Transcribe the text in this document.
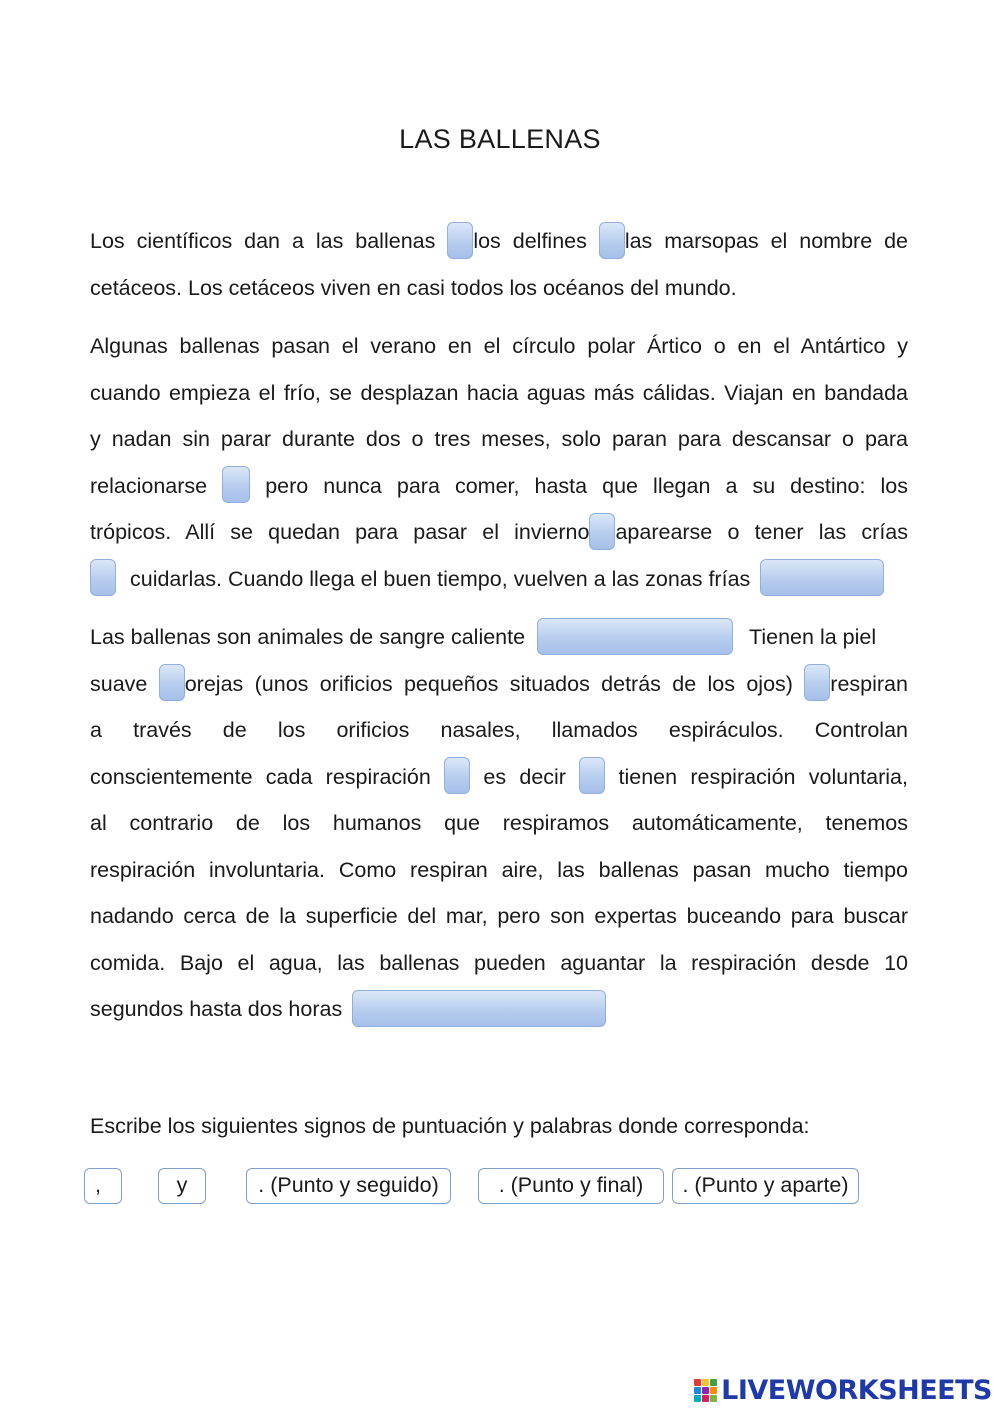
LAS BALLENAS
Los científicos dan a las ballenas los delfines las marsopas el nombre de
cetáceos. Los cetáceos viven en casi todos los océanos del mundo.
Algunas ballenas pasan el verano en el círculo polar Ártico o en el Antártico y
cuando empieza el frío, se desplazan hacia aguas más cálidas. Viajan en bandada
y nadan sin parar durante dos o tres meses, solo paran para descansar o para
relacionarse	pero nunca para comer, hasta que llegan a su destino: los
trópicos. Allí se quedan para pasar el invierno aparearse o tener las crías
cuidarlas. Cuando llega el buen tiempo, vuelven a las zonas frías
Las ballenas son animales de sangre caliente	Tienen la piel
suave orejas (unos orificios pequeños situados detrás de los ojos) respiran
a través de los orificios nasales, llamados espiráculos. Controlan
conscientemente cada respiración es decir tienen respiración voluntaria,
al contrario de los humanos que respiramos automáticamente, tenemos
respiración involuntaria. Como respiran aire, las ballenas pasan mucho tiempo
nadando cerca de la superficie del mar, pero son expertas buceando para buscar
comida. Bajo el agua, las ballenas pueden aguantar la respiración desde 10
segundos hasta dos horas
Escribe los siguientes signos de puntuación y palabras donde corresponda:
,	y	. (Punto y seguido)	. (Punto y final)	. (Punto y aparte)
LIVEWORKSHEETS
